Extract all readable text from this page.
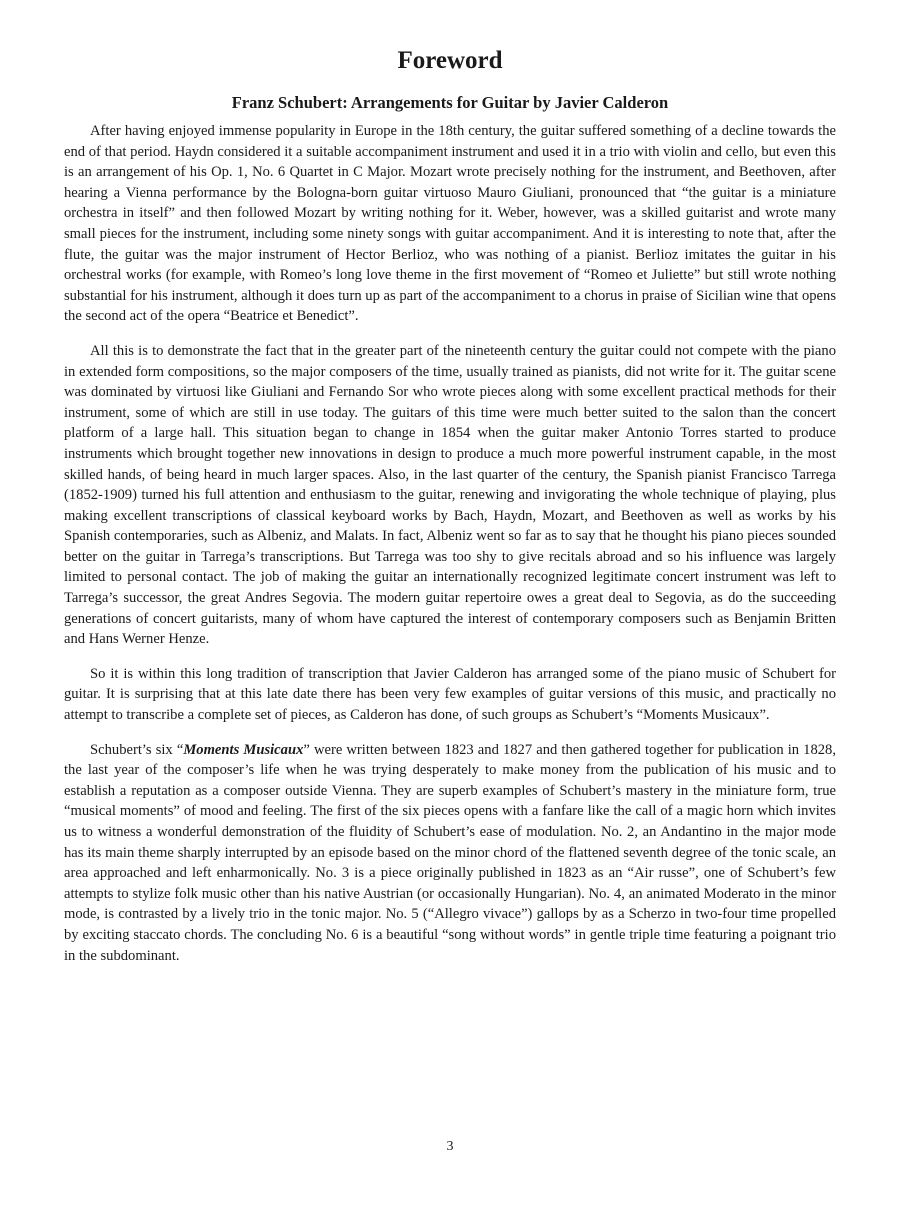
Foreword
Franz Schubert: Arrangements for Guitar by Javier Calderon

After having enjoyed immense popularity in Europe in the 18th century, the guitar suffered something of a decline towards the end of that period. Haydn considered it a suitable accompaniment instrument and used it in a trio with violin and cello, but even this is an arrangement of his Op. 1, No. 6 Quartet in C Major. Mozart wrote precisely nothing for the instrument, and Beethoven, after hearing a Vienna performance by the Bologna-born guitar virtuoso Mauro Giuliani, pronounced that “the guitar is a miniature orchestra in itself” and then followed Mozart by writing nothing for it. Weber, however, was a skilled guitarist and wrote many small pieces for the instrument, including some ninety songs with guitar accompaniment. And it is interesting to note that, after the flute, the guitar was the major instrument of Hector Berlioz, who was nothing of a pianist. Berlioz imitates the guitar in his orchestral works (for example, with Romeo’s long love theme in the first movement of “Romeo et Juliette” but still wrote nothing substantial for his instrument, although it does turn up as part of the accompaniment to a chorus in praise of Sicilian wine that opens the second act of the opera “Beatrice et Benedict”.

All this is to demonstrate the fact that in the greater part of the nineteenth century the guitar could not compete with the piano in extended form compositions, so the major composers of the time, usually trained as pianists, did not write for it. The guitar scene was dominated by virtuosi like Giuliani and Fernando Sor who wrote pieces along with some excellent practical methods for their instrument, some of which are still in use today. The guitars of this time were much better suited to the salon than the concert platform of a large hall. This situation began to change in 1854 when the guitar maker Antonio Torres started to produce instruments which brought together new innovations in design to produce a much more powerful instrument capable, in the most skilled hands, of being heard in much larger spaces. Also, in the last quarter of the century, the Spanish pianist Francisco Tarrega (1852-1909) turned his full attention and enthusiasm to the guitar, renewing and invigorating the whole technique of playing, plus making excellent transcriptions of classical keyboard works by Bach, Haydn, Mozart, and Beethoven as well as works by his Spanish contemporaries, such as Albeniz, and Malats. In fact, Albeniz went so far as to say that he thought his piano pieces sounded better on the guitar in Tarrega’s transcriptions. But Tarrega was too shy to give recitals abroad and so his influence was largely limited to personal contact. The job of making the guitar an internationally recognized legitimate concert instrument was left to Tarrega’s successor, the great Andres Segovia. The modern guitar repertoire owes a great deal to Segovia, as do the succeeding generations of concert guitarists, many of whom have captured the interest of contemporary composers such as Benjamin Britten and Hans Werner Henze.

So it is within this long tradition of transcription that Javier Calderon has arranged some of the piano music of Schubert for guitar. It is surprising that at this late date there has been very few examples of guitar versions of this music, and practically no attempt to transcribe a complete set of pieces, as Calderon has done, of such groups as Schubert’s “Moments Musicaux”.

Schubert’s six “Moments Musicaux” were written between 1823 and 1827 and then gathered together for publication in 1828, the last year of the composer’s life when he was trying desperately to make money from the publication of his music and to establish a reputation as a composer outside Vienna. They are superb examples of Schubert’s mastery in the miniature form, true “musical moments” of mood and feeling. The first of the six pieces opens with a fanfare like the call of a magic horn which invites us to witness a wonderful demonstration of the fluidity of Schubert’s ease of modulation. No. 2, an Andantino in the major mode has its main theme sharply interrupted by an episode based on the minor chord of the flattened seventh degree of the tonic scale, an area approached and left enharmonically. No. 3 is a piece originally published in 1823 as an “Air russe”, one of Schubert’s few attempts to stylize folk music other than his native Austrian (or occasionally Hungarian). No. 4, an animated Moderato in the minor mode, is contrasted by a lively trio in the tonic major. No. 5 (“Allegro vivace”) gallops by as a Scherzo in two-four time propelled by exciting staccato chords. The concluding No. 6 is a beautiful “song without words” in gentle triple time featuring a poignant trio in the subdominant.

3
